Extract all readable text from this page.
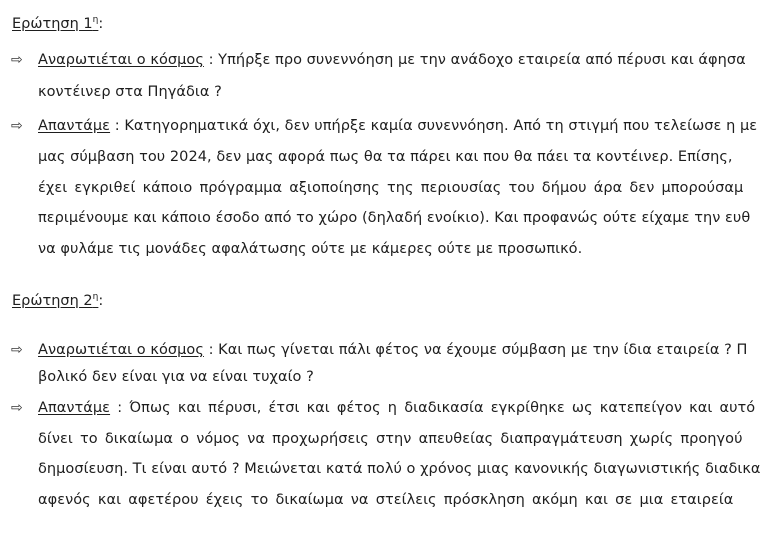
Ερώτηση $1^\eta$:
⇨ Αναρωτιέται ο κόσμος : Υπήρξε προ συνεννόηση με την ανάδοχο εταιρεία από πέρυσι και άφησα
κοντέινερ στα Πηγάδια ?
⇨ Απαντάμε : Κατηγορηματικά όχι, δεν υπήρξε καμία συνεννόηση. Από τη στιγμή που τελείωσε η με
μας σύμβαση του 2024, δεν μας αφορά πως θα τα πάρει και που θα πάει τα κοντέινερ. Επίσης,
έχει εγκριθεί κάποιο πρόγραμμα αξιοποίησης της περιουσίας του δήμου άρα δεν μπορούσαμ
περιμένουμε και κάποιο έσοδο από το χώρο (δηλαδή ενοίκιο). Και προφανώς ούτε είχαμε την ευθ
να φυλάμε τις μονάδες αφαλάτωσης ούτε με κάμερες ούτε με προσωπικό.
Ερώτηση $2^\eta$:
⇨ Αναρωτιέται ο κόσμος : Και πως γίνεται πάλι φέτος να έχουμε σύμβαση με την ίδια εταιρεία ? Π
βολικό δεν είναι για να είναι τυχαίο ?
⇨ Απαντάμε : Όπως και πέρυσι, έτσι και φέτος η διαδικασία εγκρίθηκε ως κατεπείγον και αυτό
δίνει το δικαίωμα ο νόμος να προχωρήσεις στην απευθείας διαπραγμάτευση χωρίς προηγού
δημοσίευση. Τι είναι αυτό ? Μειώνεται κατά πολύ ο χρόνος μιας κανονικής διαγωνιστικής διαδικα
αφενός και αφετέρου έχεις το δικαίωμα να στείλεις πρόσκληση ακόμη και σε μια εταιρεία
